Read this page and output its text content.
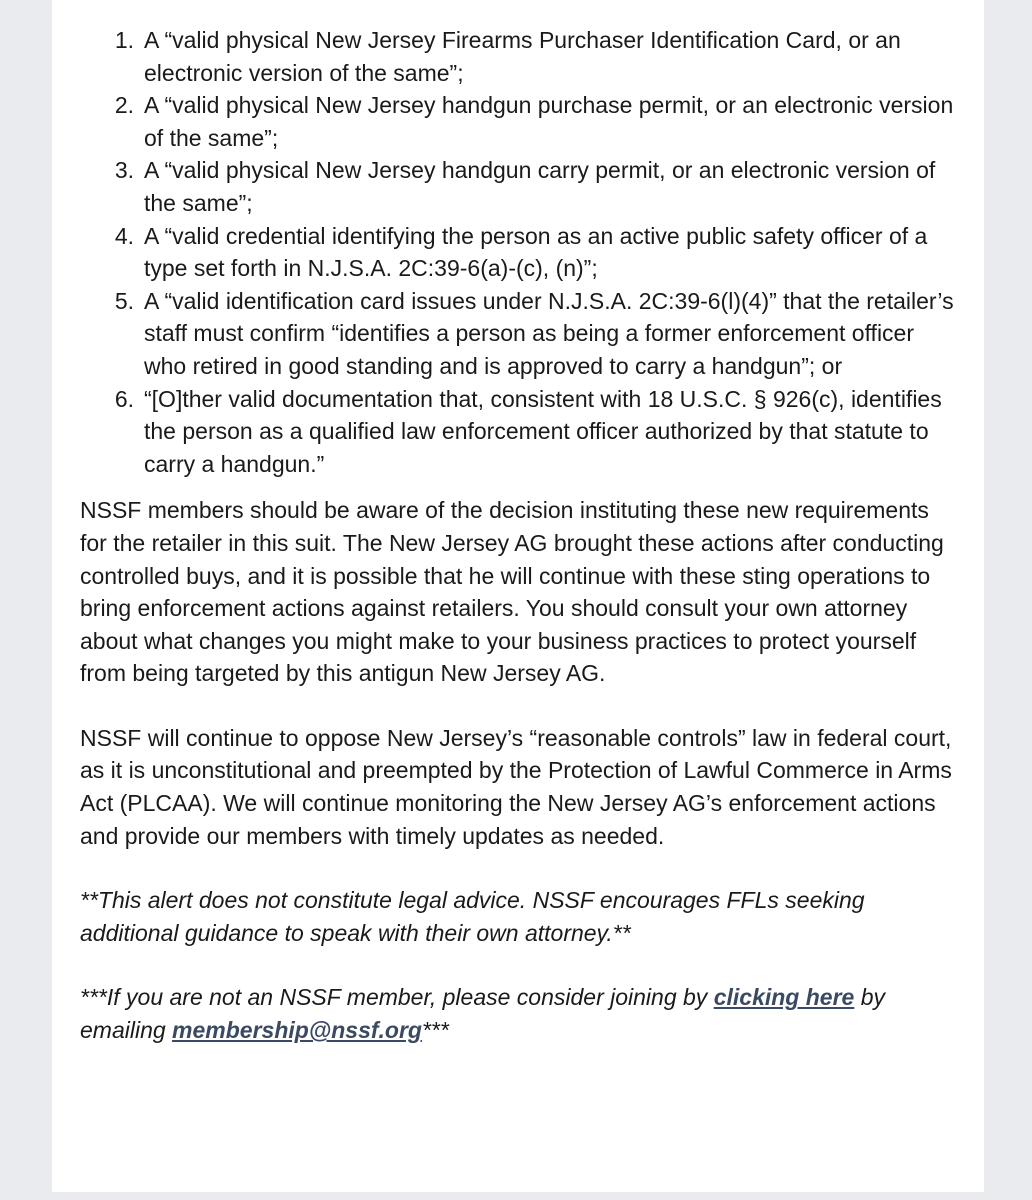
1. A “valid physical New Jersey Firearms Purchaser Identification Card, or an electronic version of the same”;
2. A “valid physical New Jersey handgun purchase permit, or an electronic version of the same”;
3. A “valid physical New Jersey handgun carry permit, or an electronic version of the same”;
4. A “valid credential identifying the person as an active public safety officer of a type set forth in N.J.S.A. 2C:39-6(a)-(c), (n)”;
5. A “valid identification card issues under N.J.S.A. 2C:39-6(l)(4)” that the retailer’s staff must confirm “identifies a person as being a former enforcement officer who retired in good standing and is approved to carry a handgun”; or
6. “[O]ther valid documentation that, consistent with 18 U.S.C. § 926(c), identifies the person as a qualified law enforcement officer authorized by that statute to carry a handgun.”

NSSF members should be aware of the decision instituting these new requirements for the retailer in this suit. The New Jersey AG brought these actions after conducting controlled buys, and it is possible that he will continue with these sting operations to bring enforcement actions against retailers. You should consult your own attorney about what changes you might make to your business practices to protect yourself from being targeted by this antigun New Jersey AG.

NSSF will continue to oppose New Jersey’s “reasonable controls” law in federal court, as it is unconstitutional and preempted by the Protection of Lawful Commerce in Arms Act (PLCAA). We will continue monitoring the New Jersey AG’s enforcement actions and provide our members with timely updates as needed.

**This alert does not constitute legal advice. NSSF encourages FFLs seeking additional guidance to speak with their own attorney.**

***If you are not an NSSF member, please consider joining by clicking here by emailing membership@nssf.org***
